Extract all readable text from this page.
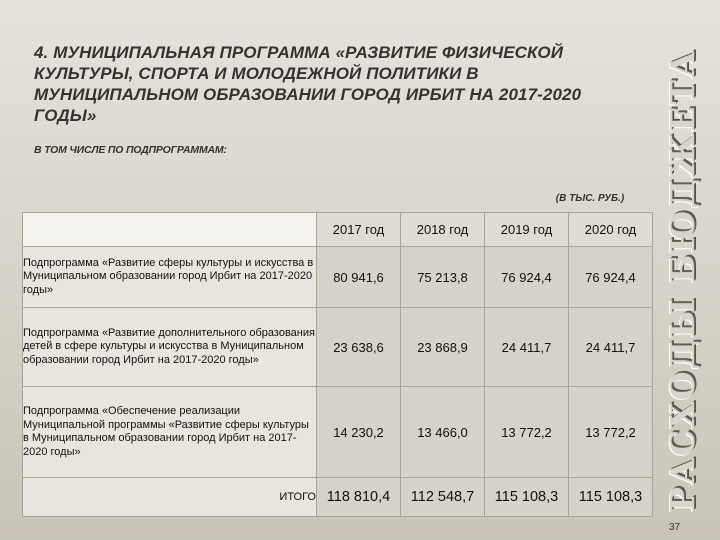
4. МУНИЦИПАЛЬНАЯ ПРОГРАММА «РАЗВИТИЕ ФИЗИЧЕСКОЙ КУЛЬТУРЫ, СПОРТА И МОЛОДЕЖНОЙ ПОЛИТИКИ В МУНИЦИПАЛЬНОМ ОБРАЗОВАНИИ ГОРОД ИРБИТ НА 2017-2020 ГОДЫ»
В ТОМ ЧИСЛЕ ПО ПОДПРОГРАММАМ:
(В ТЫС. РУБ.)	РАСХОДЫ БЮДЖЕТА
	2017 год	2018 год	2019 год	2020 год
Подпрограмма «Развитие сферы культуры и искусства в Муниципальном образовании город Ирбит на 2017-2020 годы»	80 941,6	75 213,8	76 924,4	76 924,4
Подпрограмма «Развитие дополнительного образования детей в сфере культуры и искусства в Муниципальном образовании город Ирбит на 2017-2020 годы»	23 638,6	23 868,9	24 411,7	24 411,7
Подпрограмма «Обеспечение реализации Муниципальной программы «Развитие сферы культуры в Муниципальном образовании город Ирбит на 2017-2020 годы»	14 230,2	13 466,0	13 772,2	13 772,2
ИТОГО	118 810,4	112 548,7	115 108,3	115 108,3
37
